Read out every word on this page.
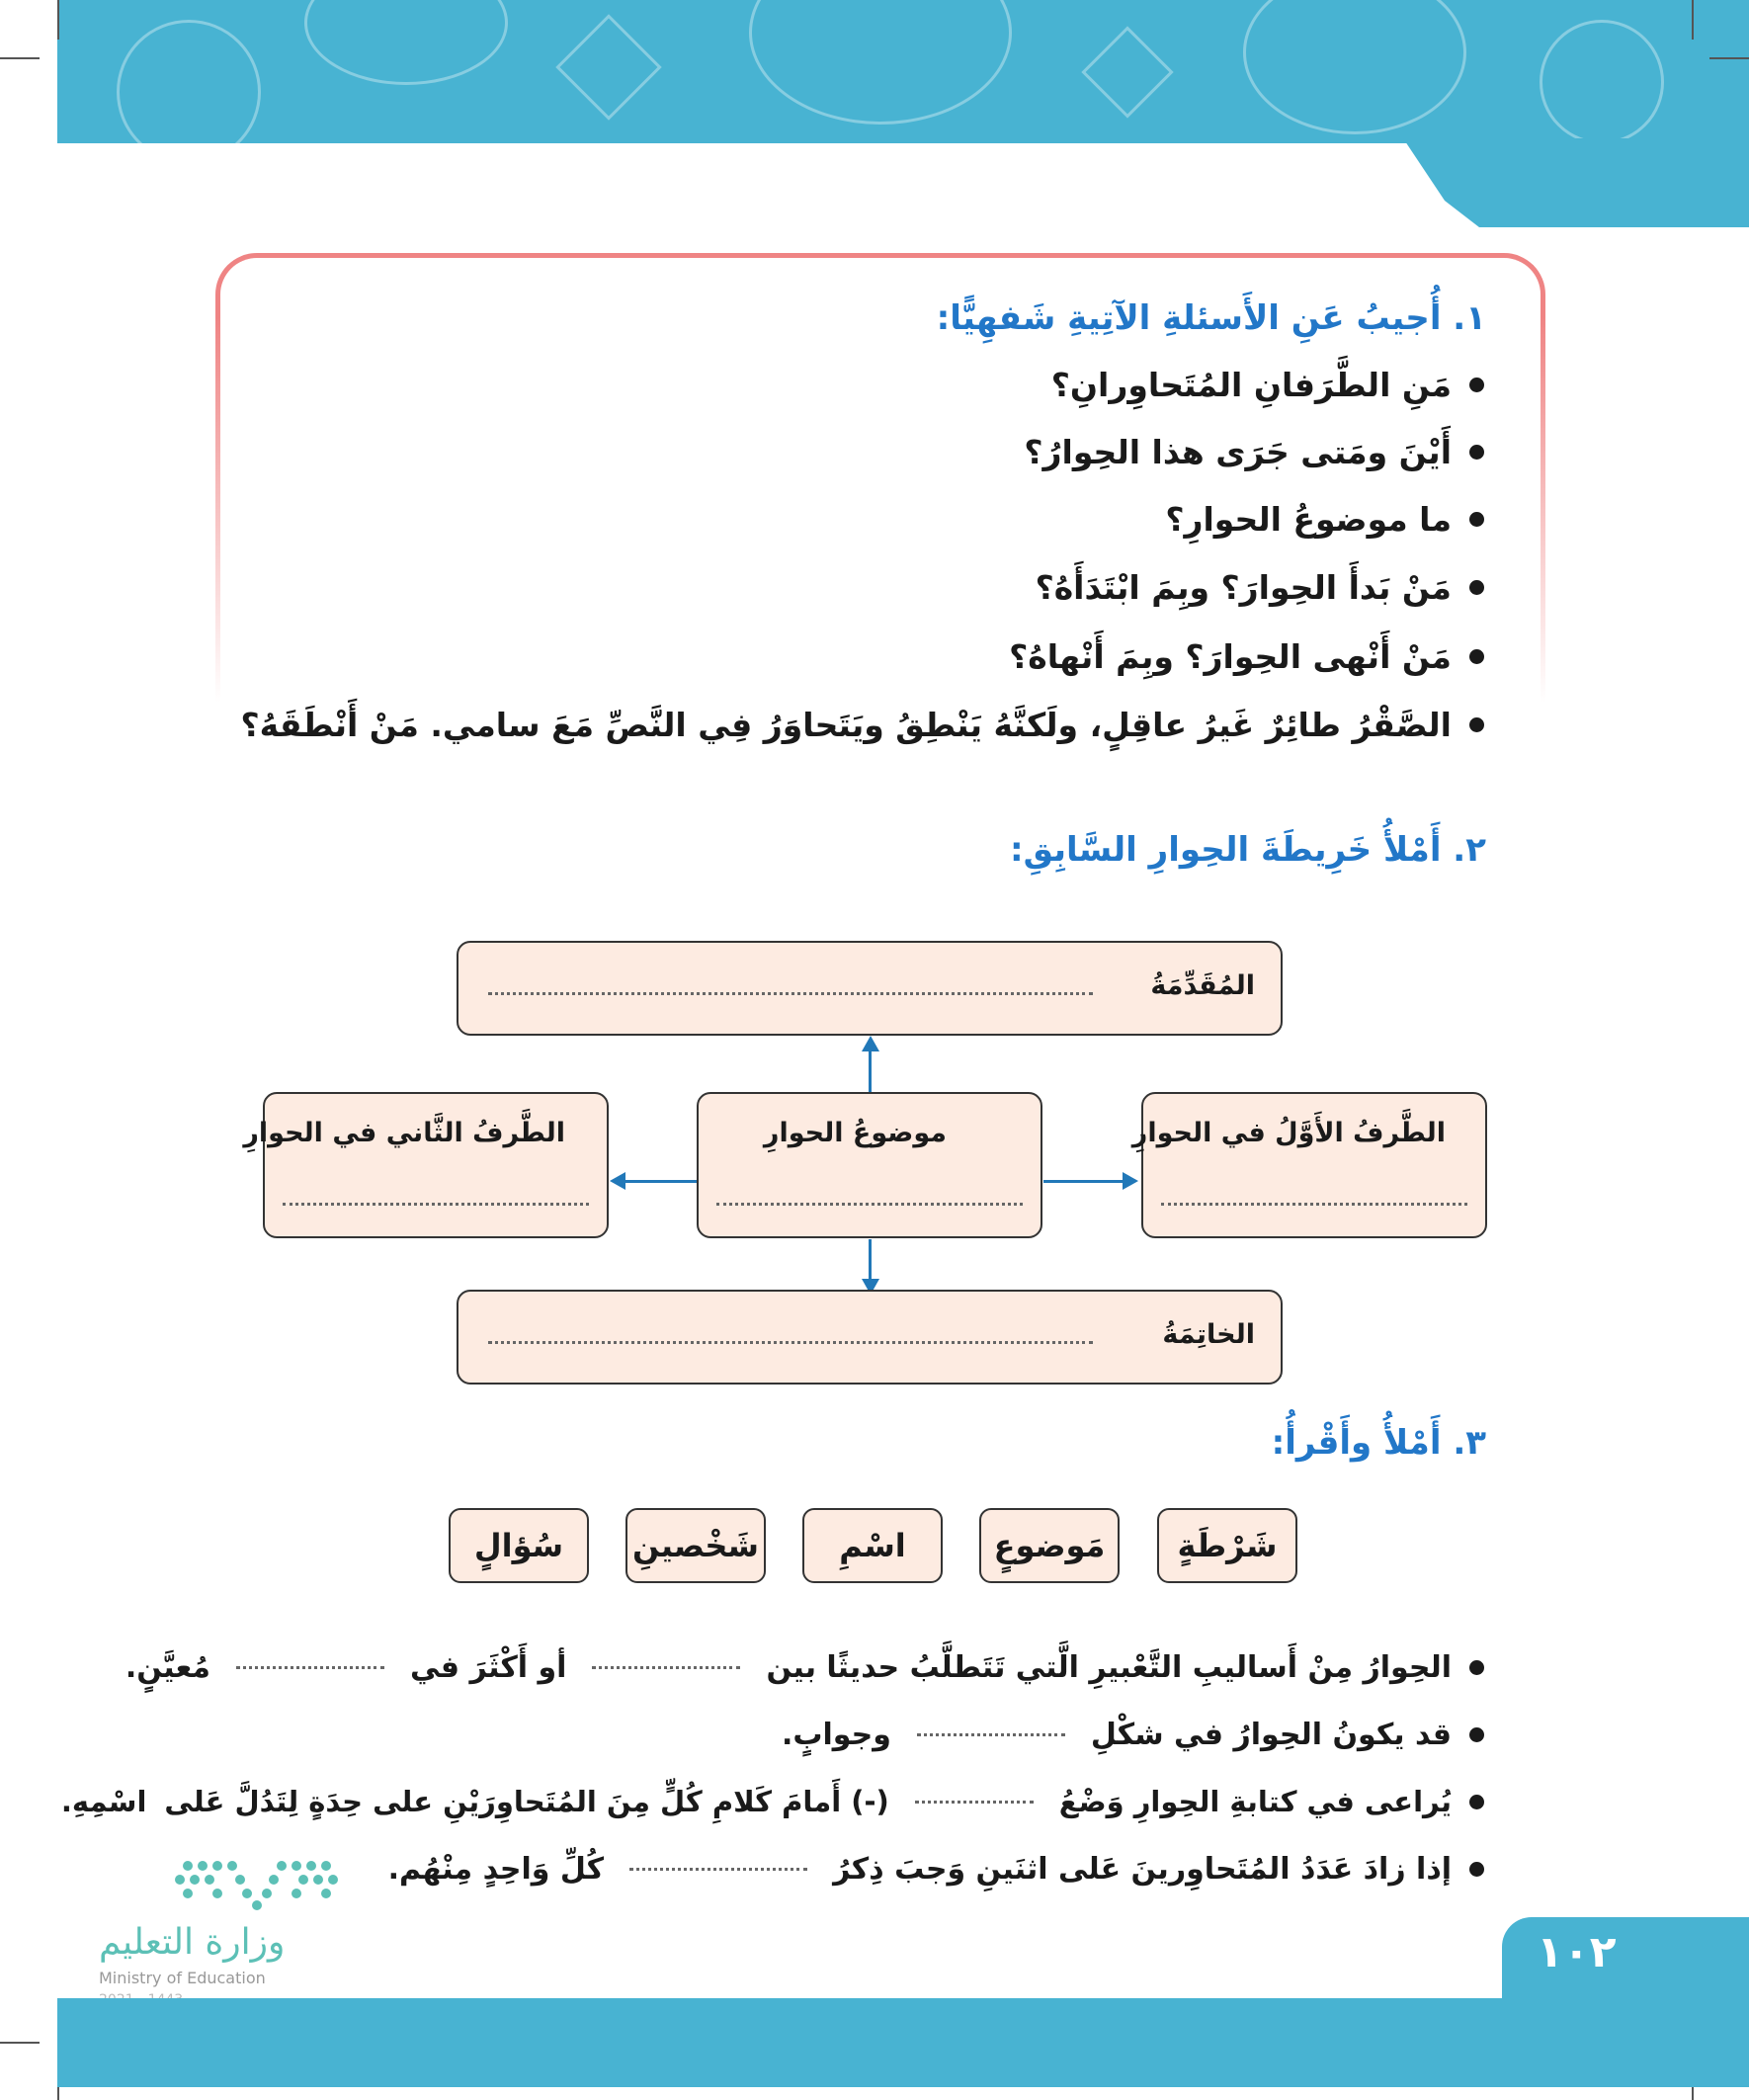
١. أُجيبُ عَنِ الأَسئلةِ الآتِيةِ شَفهِيًّا:
مَنِ الطَّرَفانِ المُتَحاوِرانِ؟
أَيْنَ ومَتى جَرَى هذا الحِوارُ؟
ما موضوعُ الحوارِ؟
مَنْ بَدأَ الحِوارَ؟ وبِمَ ابْتَدَأَهُ؟
مَنْ أَنْهى الحِوارَ؟ وبِمَ أَنْهاهُ؟
الصَّقْرُ طائِرٌ غَيرُ عاقِلٍ، ولَكنَّهُ يَنْطِقُ ويَتَحاوَرُ فِي النَّصِّ مَعَ سامي. مَنْ أَنْطَقَهُ؟
٢. أَمْلأُ خَرِيطَةَ الحِوارِ السَّابِقِ:
المُقَدِّمَةُ
الطَّرفُ الأَوَّلُ في الحوارِ
موضوعُ الحوارِ
الطَّرفُ الثَّاني في الحوارِ
الخاتِمَةُ
٣. أَمْلأُ وأَقْرأُ:
شَرْطَةٍ
مَوضوعٍ
اسْمِ
شَخْصينِ
سُؤالٍ
الحِوارُ مِنْ أَساليبِ التَّعْبيرِ الَّتي تَتَطلَّبُ حديثًا بين
أو أَكْثَرَ في
مُعيَّنٍ.
قد يكونُ الحِوارُ في شكْلِ
وجوابٍ.
يُراعى في كتابةِ الحِوارِ وَضْعُ
(-) أَمامَ كَلامِ كُلٍّ مِنَ المُتَحاوِرَيْنِ على حِدَةٍ لِتَدُلَّ عَلى
اسْمِهِ.
إذا زادَ عَدَدُ المُتَحاوِرينَ عَلى اثنَينِ وَجبَ ذِكرُ
كُلِّ وَاحِدٍ مِنْهُم.
وزارة التعليم
Ministry of Education
١٠٢
